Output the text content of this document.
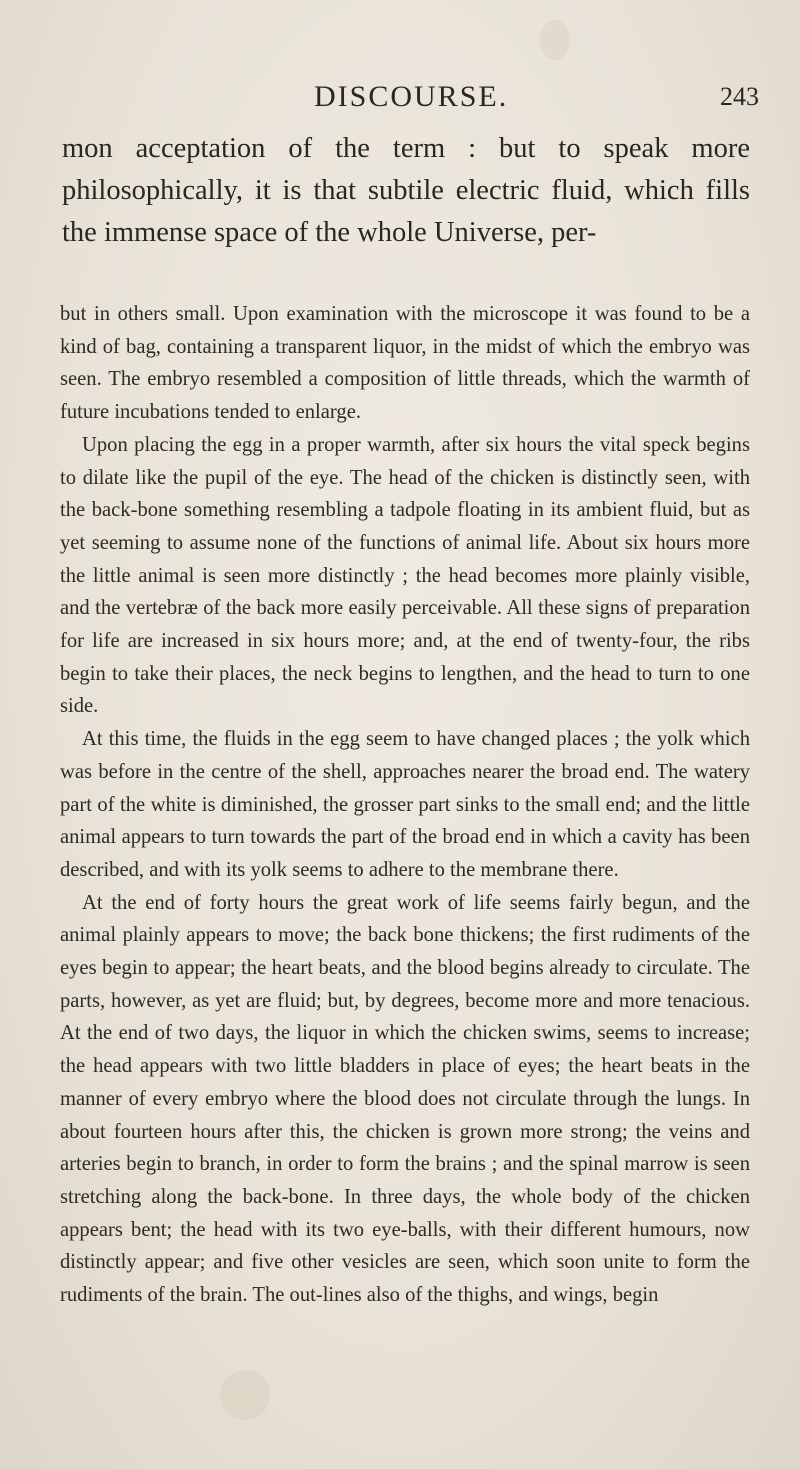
DISCOURSE.	243

mon acceptation of the term : but to speak more philosophically, it is that subtile electric fluid, which fills the immense space of the whole Universe, per-

but in others small. Upon examination with the microscope it was found to be a kind of bag, containing a transparent liquor, in the midst of which the embryo was seen. The embryo resembled a composition of little threads, which the warmth of future incubations tended to enlarge.

Upon placing the egg in a proper warmth, after six hours the vital speck begins to dilate like the pupil of the eye. The head of the chicken is distinctly seen, with the back-bone something resembling a tadpole floating in its ambient fluid, but as yet seeming to assume none of the functions of animal life. About six hours more the little animal is seen more distinctly ; the head becomes more plainly visible, and the vertebræ of the back more easily perceivable. All these signs of preparation for life are increased in six hours more; and, at the end of twenty-four, the ribs begin to take their places, the neck begins to lengthen, and the head to turn to one side.

At this time, the fluids in the egg seem to have changed places ; the yolk which was before in the centre of the shell, approaches nearer the broad end. The watery part of the white is diminished, the grosser part sinks to the small end; and the little animal appears to turn towards the part of the broad end in which a cavity has been described, and with its yolk seems to adhere to the membrane there.

At the end of forty hours the great work of life seems fairly begun, and the animal plainly appears to move; the back bone thickens; the first rudiments of the eyes begin to appear; the heart beats, and the blood begins already to circulate. The parts, however, as yet are fluid; but, by degrees, become more and more tenacious. At the end of two days, the liquor in which the chicken swims, seems to increase; the head appears with two little bladders in place of eyes; the heart beats in the manner of every embryo where the blood does not circulate through the lungs. In about fourteen hours after this, the chicken is grown more strong; the veins and arteries begin to branch, in order to form the brains ; and the spinal marrow is seen stretching along the back-bone. In three days, the whole body of the chicken appears bent; the head with its two eye-balls, with their different humours, now distinctly appear; and five other vesicles are seen, which soon unite to form the rudiments of the brain. The out-lines also of the thighs, and wings, begin
